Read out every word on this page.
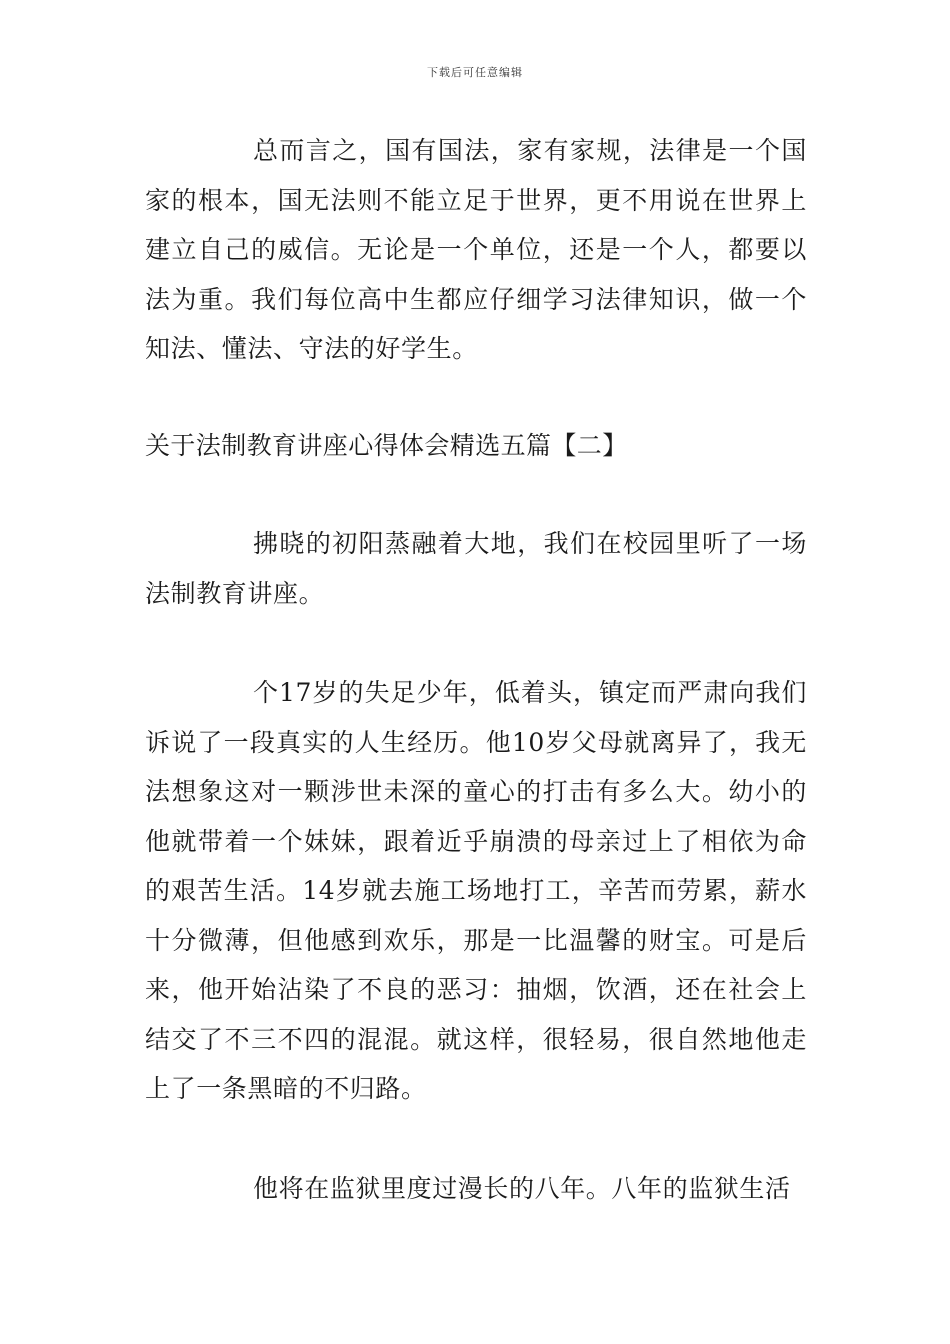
下载后可任意编辑

总而言之，国有国法，家有家规，法律是一个国家的根本，国无法则不能立足于世界，更不用说在世界上建立自己的威信。无论是一个单位，还是一个人，都要以法为重。我们每位高中生都应仔细学习法律知识，做一个知法、懂法、守法的好学生。

关于法制教育讲座心得体会精选五篇【二】

拂晓的初阳蒸融着大地，我们在校园里听了一场法制教育讲座。

个17岁的失足少年，低着头，镇定而严肃向我们诉说了一段真实的人生经历。他10岁父母就离异了，我无法想象这对一颗涉世未深的童心的打击有多么大。幼小的他就带着一个妹妹，跟着近乎崩溃的母亲过上了相依为命的艰苦生活。14岁就去施工场地打工，辛苦而劳累，薪水十分微薄，但他感到欢乐，那是一比温馨的财宝。可是后来，他开始沾染了不良的恶习：抽烟，饮酒，还在社会上结交了不三不四的混混。就这样，很轻易，很自然地他走上了一条黑暗的不归路。

他将在监狱里度过漫长的八年。八年的监狱生活
